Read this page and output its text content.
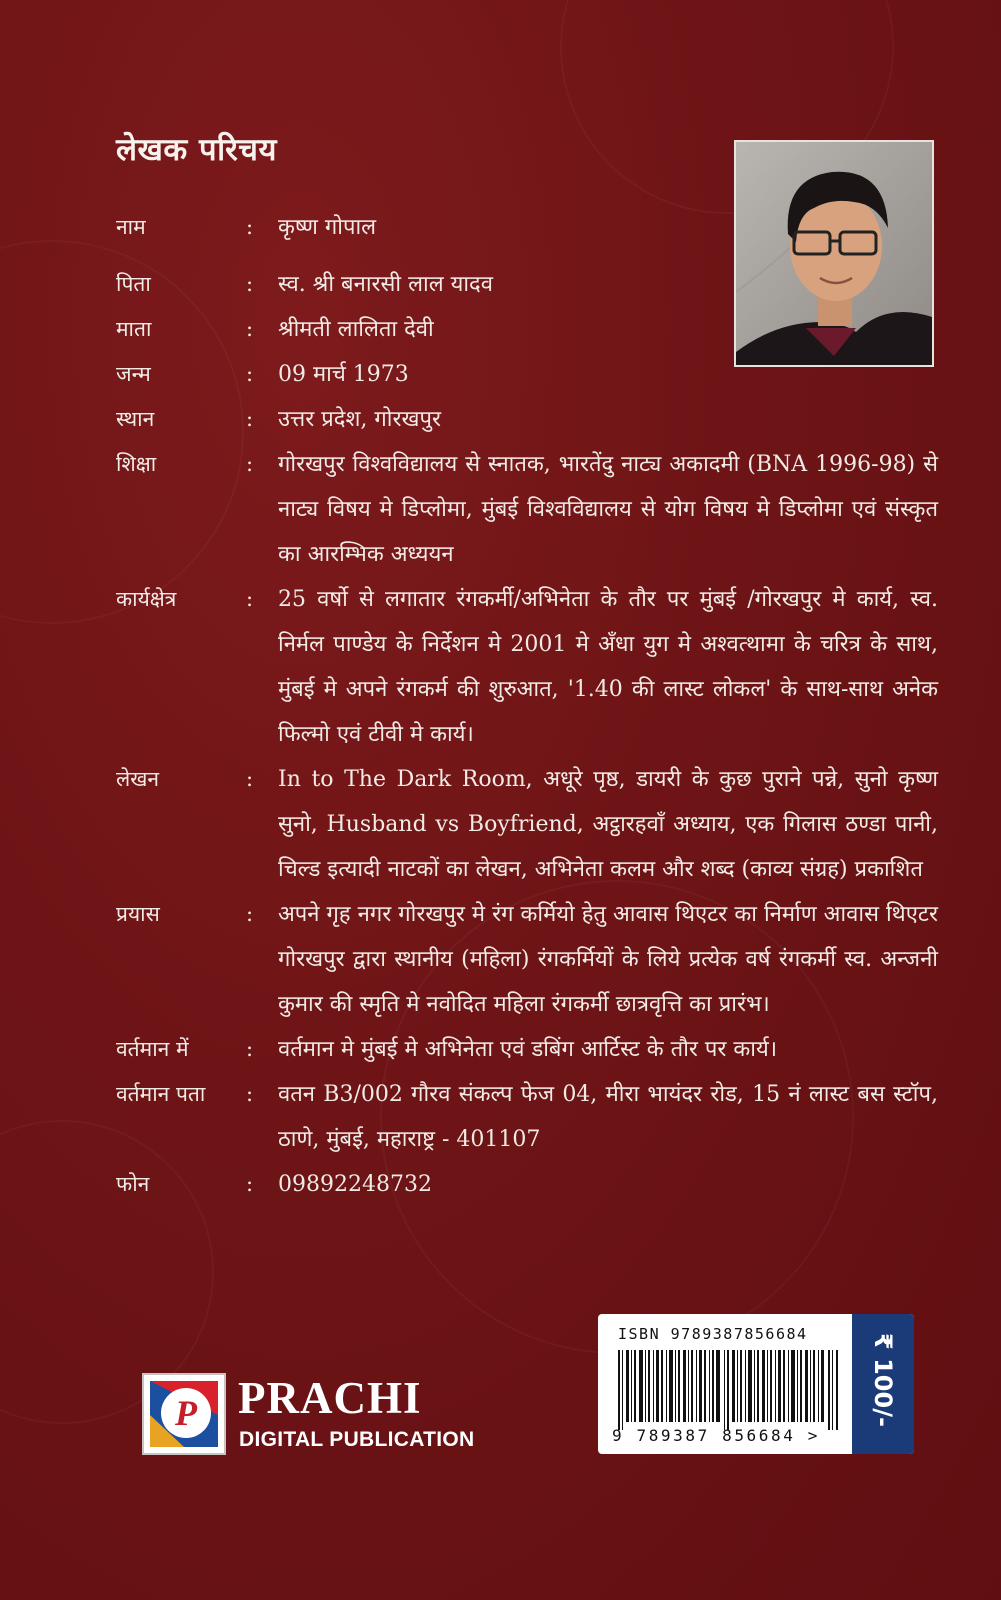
लेखक परिचय
नाम	:	कृष्ण गोपाल
पिता	:	स्व. श्री बनारसी लाल यादव
माता	:	श्रीमती लालिता देवी
जन्म	:	09 मार्च 1973
स्थान	:	उत्तर प्रदेश, गोरखपुर
शिक्षा	:	गोरखपुर विश्वविद्यालय से स्नातक, भारतेंदु नाट्य अकादमी (BNA 1996-98) से नाट्य विषय मे डिप्लोमा, मुंबई विश्वविद्यालय से योग विषय मे डिप्लोमा एवं संस्कृत का आरम्भिक अध्ययन
कार्यक्षेत्र	:	25 वर्षो से लगातार रंगकर्मी/अभिनेता के तौर पर मुंबई /गोरखपुर मे कार्य, स्व. निर्मल पाण्डेय के निर्देशन मे 2001 मे अँधा युग मे अश्वत्थामा के चरित्र के साथ, मुंबई मे अपने रंगकर्म की शुरुआत, '1.40 की लास्ट लोकल' के साथ-साथ अनेक फिल्मो एवं टीवी मे कार्य।
लेखन	:	In to The Dark Room, अधूरे पृष्ठ, डायरी के कुछ पुराने पन्ने, सुनो कृष्ण सुनो, Husband vs Boyfriend, अट्ठारहवाँ अध्याय, एक गिलास ठण्डा पानी, चिल्ड इत्यादी नाटकों का लेखन, अभिनेता कलम और शब्द (काव्य संग्रह) प्रकाशित
प्रयास	:	अपने गृह नगर गोरखपुर मे रंग कर्मियो हेतु आवास थिएटर का निर्माण आवास थिएटर गोरखपुर द्वारा स्थानीय (महिला) रंगकर्मियों के लिये प्रत्येक वर्ष रंगकर्मी स्व. अन्जनी कुमार की स्मृति मे नवोदित महिला रंगकर्मी छात्रवृत्ति का प्रारंभ।
वर्तमान में	:	वर्तमान मे मुंबई मे अभिनेता एवं डबिंग आर्टिस्ट के तौर पर कार्य।
वर्तमान पता	:	वतन B3/002 गौरव संकल्प फेज 04, मीरा भायंदर रोड, 15 नं लास्ट बस स्टॉप, ठाणे, मुंबई, महाराष्ट्र - 401107
फोन	:	09892248732
P PRACHI
DIGITAL PUBLICATION
ISBN 9789387856684
9 789387 856684 >
₹ 100/-
